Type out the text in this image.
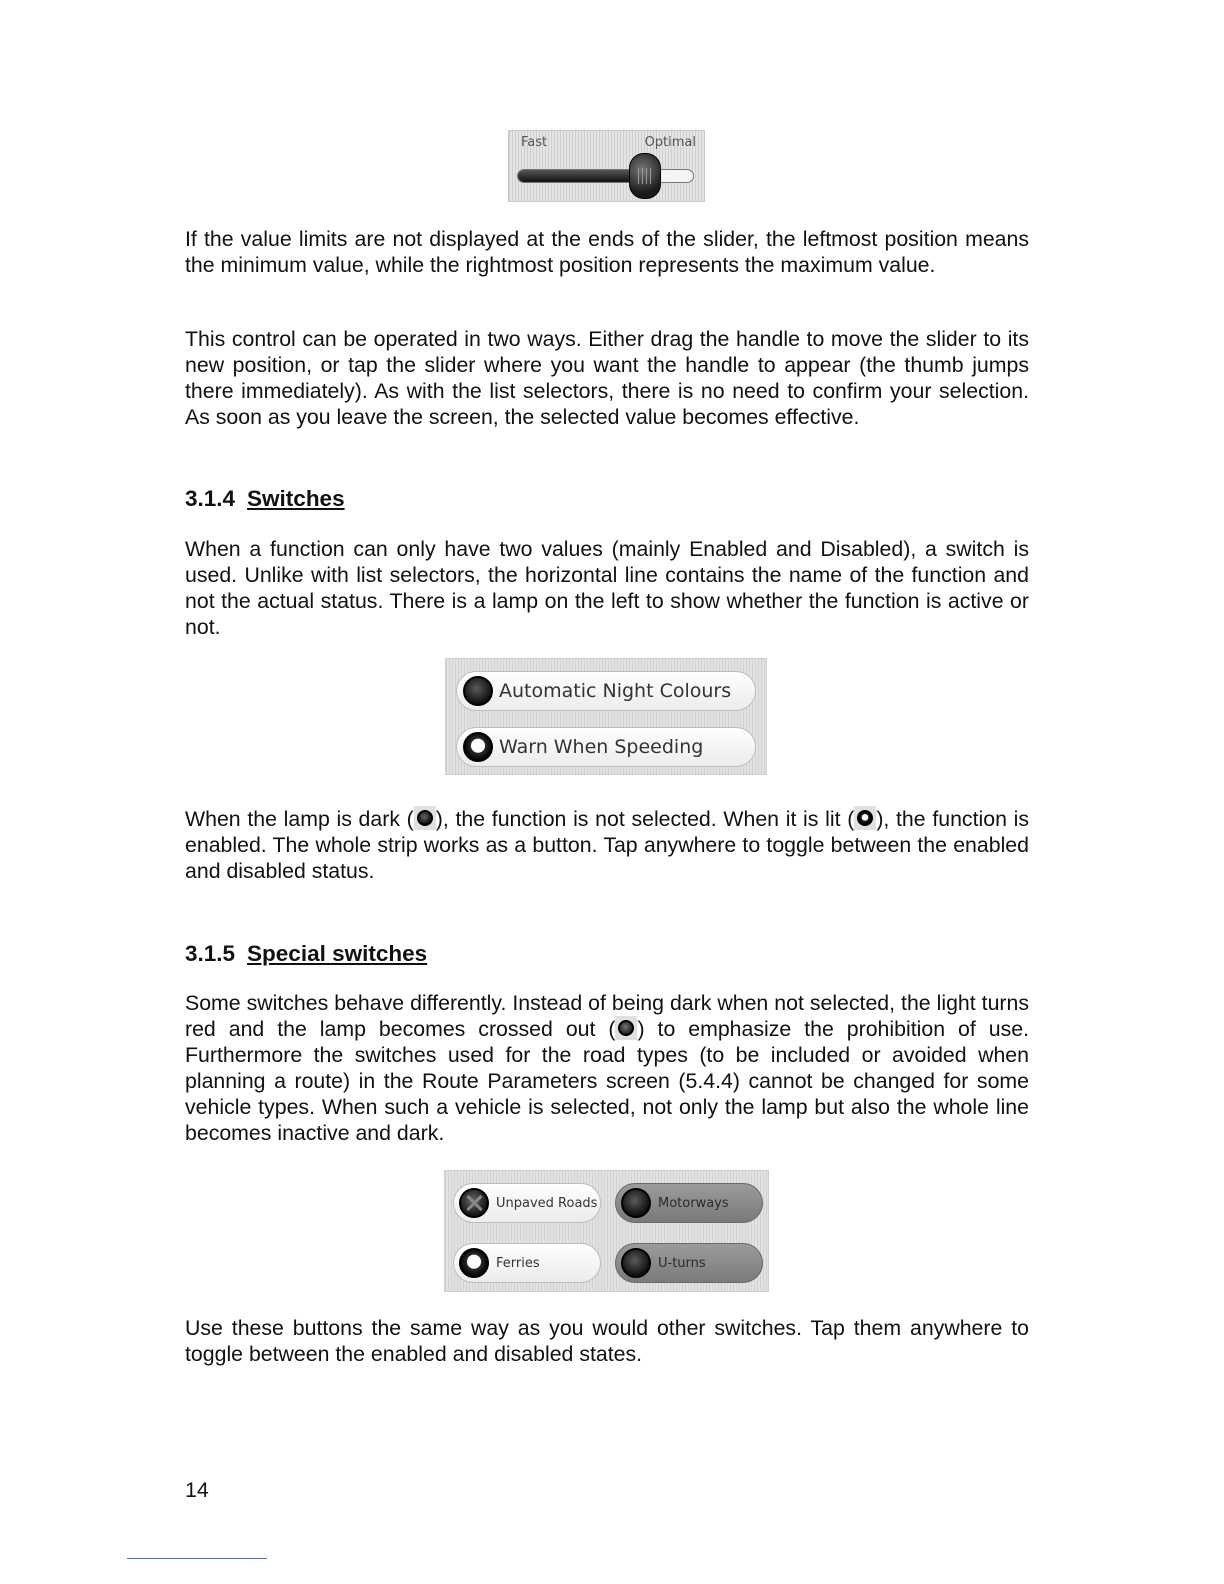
Fast	Optimal

If the value limits are not displayed at the ends of the slider, the leftmost position means the minimum value, while the rightmost position represents the maximum value.

This control can be operated in two ways. Either drag the handle to move the slider to its new position, or tap the slider where you want the handle to appear (the thumb jumps there immediately). As with the list selectors, there is no need to confirm your selection. As soon as you leave the screen, the selected value becomes effective.

3.1.4 Switches

When a function can only have two values (mainly Enabled and Disabled), a switch is used. Unlike with list selectors, the horizontal line contains the name of the function and not the actual status. There is a lamp on the left to show whether the function is active or not.

Automatic Night Colours
Warn When Speeding

When the lamp is dark ( ), the function is not selected. When it is lit ( ), the function is enabled. The whole strip works as a button. Tap anywhere to toggle between the enabled and disabled status.

3.1.5 Special switches

Some switches behave differently. Instead of being dark when not selected, the light turns red and the lamp becomes crossed out ( ) to emphasize the prohibition of use. Furthermore the switches used for the road types (to be included or avoided when planning a route) in the Route Parameters screen (5.4.4) cannot be changed for some vehicle types. When such a vehicle is selected, not only the lamp but also the whole line becomes inactive and dark.

Unpaved Roads	Motorways
Ferries	U-turns

Use these buttons the same way as you would other switches. Tap them anywhere to toggle between the enabled and disabled states.

14
